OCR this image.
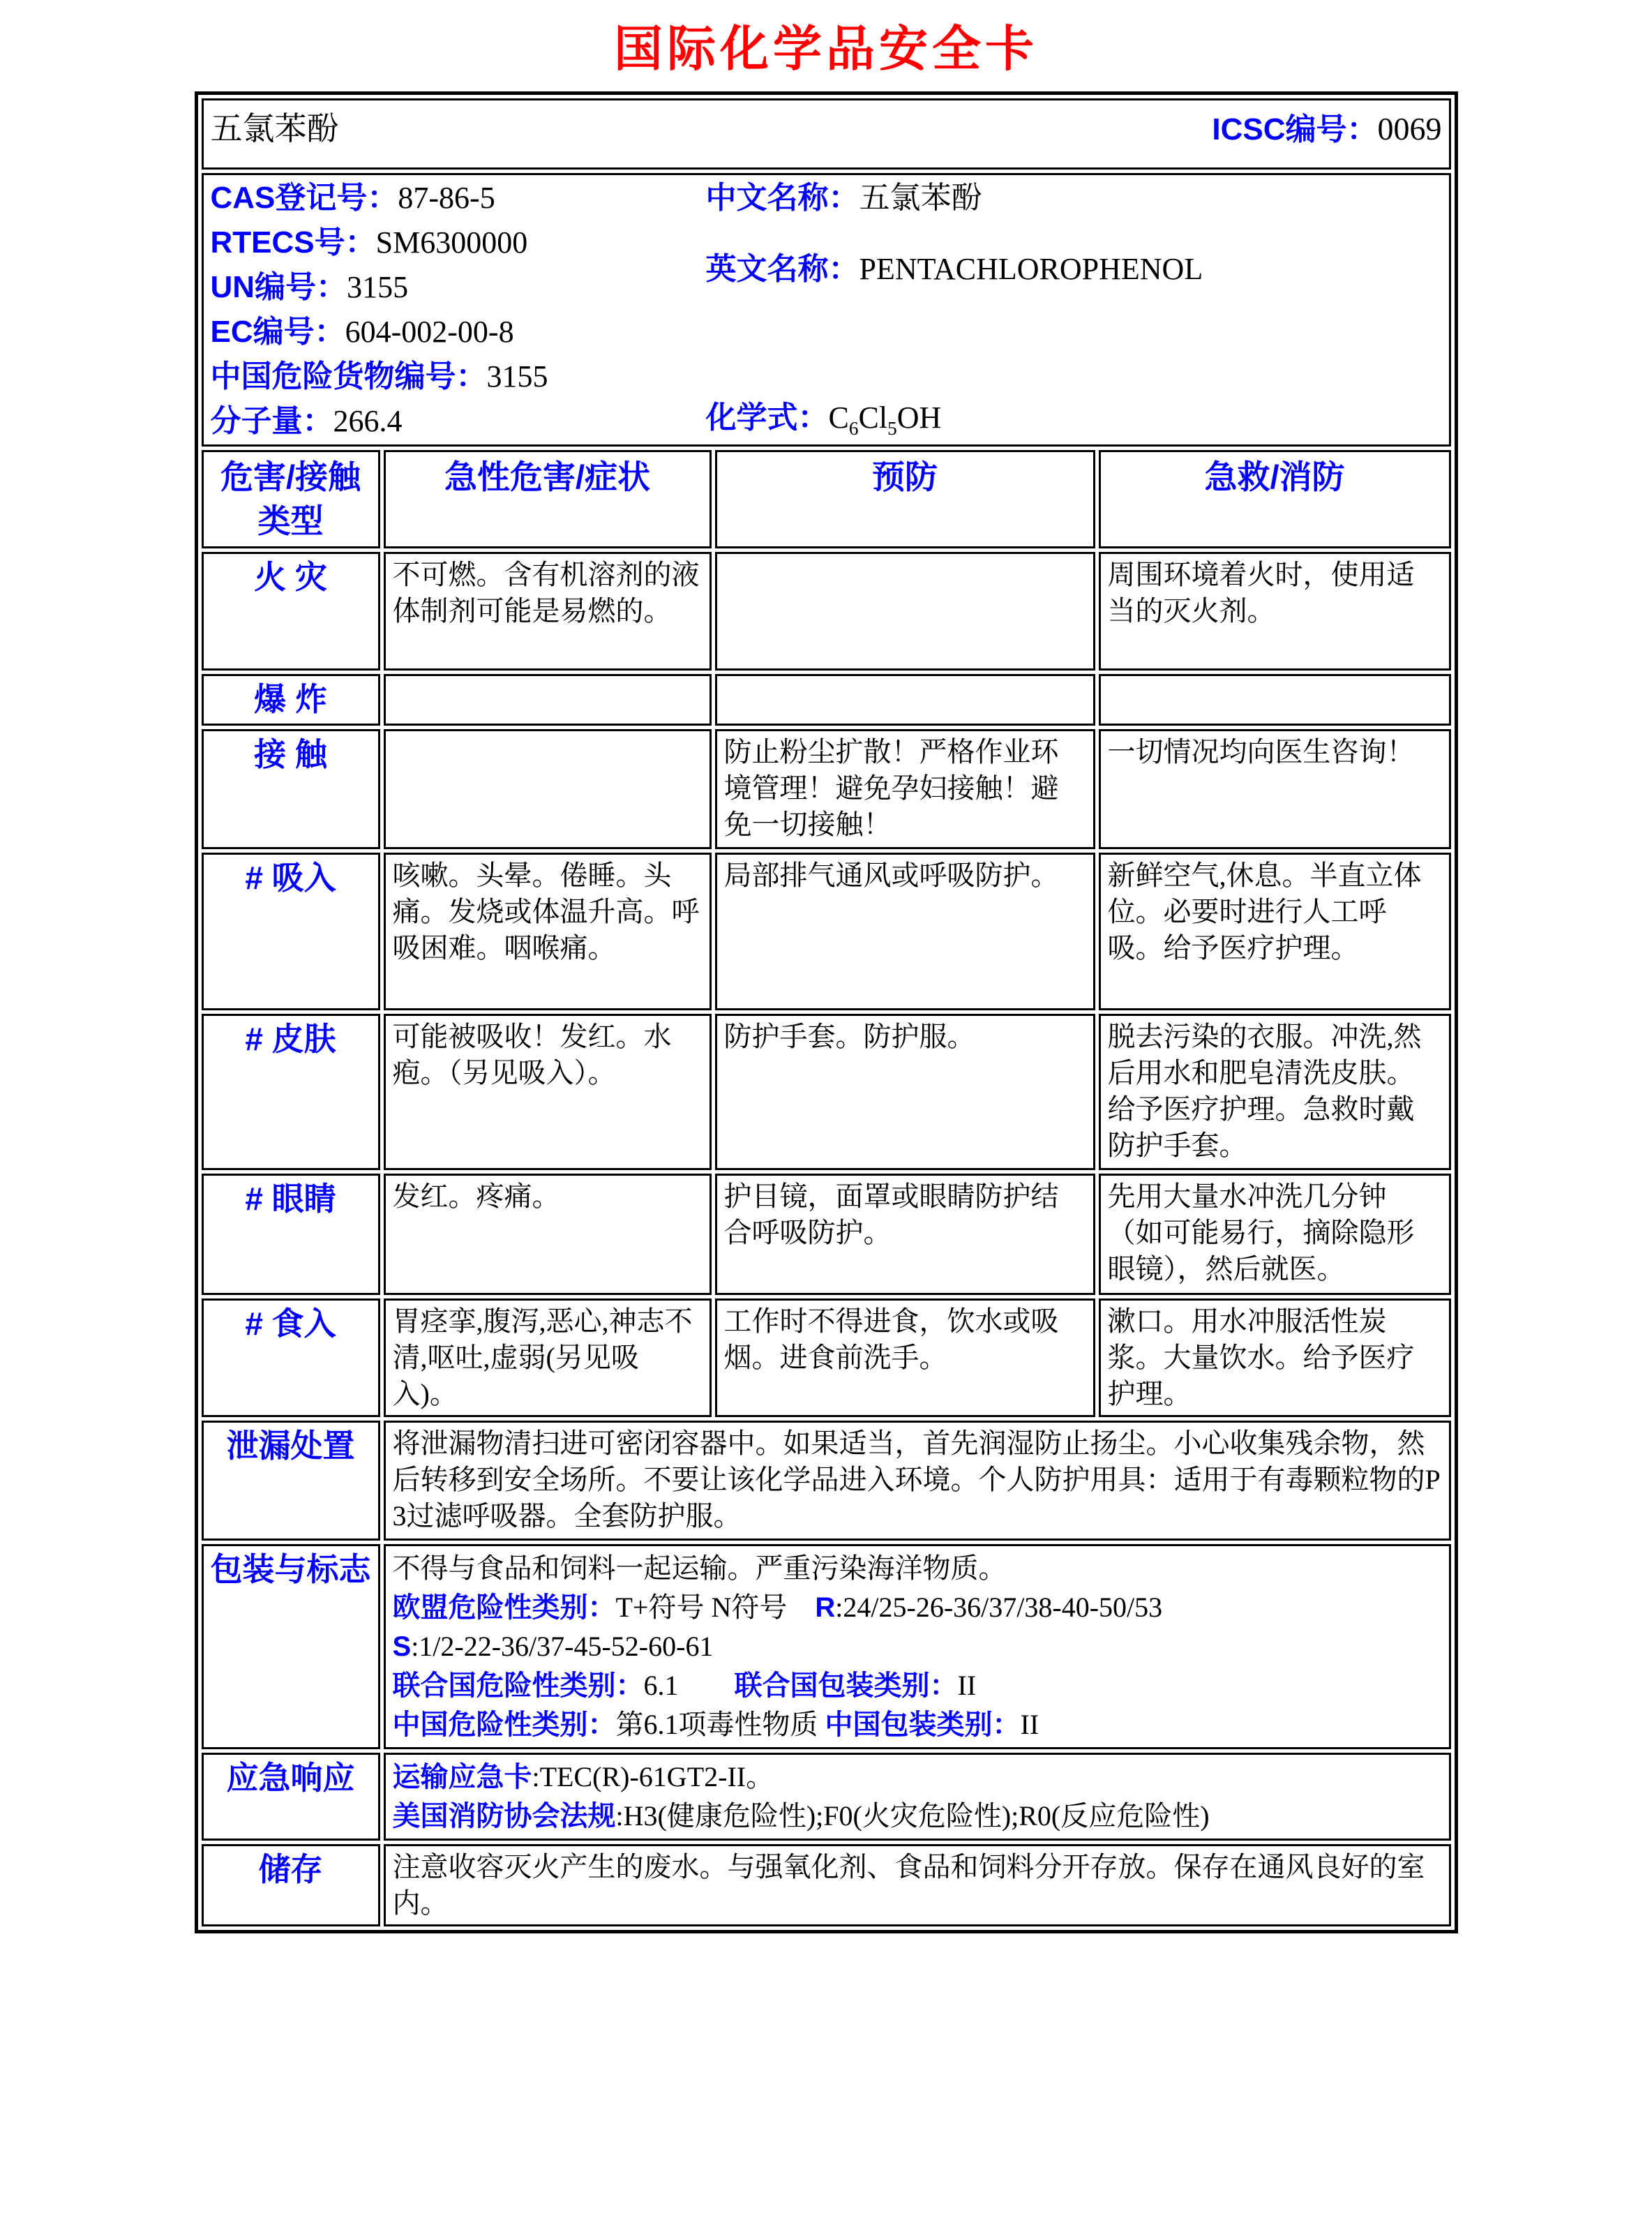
国际化学品安全卡
五氯苯酚 ICSC编号：0069			

CAS登记号：87-86-5
RTECS号：SM6300000
UN编号：3155
EC编号：604-002-00-8
中国危险货物编号：3155
分子量：266.4
中文名称：五氯苯酚
英文名称：PENTACHLOROPHENOL
化学式：$C_6Cl_5OH$

危害/接触类型	急性危害/症状	预防	急救/消防
火 灾	不可燃。含有机溶剂的液体制剂可能是易燃的。		周围环境着火时，使用适当的灭火剂。
爆 炸			
接 触		防止粉尘扩散！严格作业环境管理！避免孕妇接触！避免一切接触！	一切情况均向医生咨询！
# 吸入	咳嗽。头晕。倦睡。头痛。发烧或体温升高。呼吸困难。咽喉痛。	局部排气通风或呼吸防护。	新鲜空气,休息。半直立体位。必要时进行人工呼吸。给予医疗护理。
# 皮肤	可能被吸收！发红。水疱。（另见吸入）。	防护手套。防护服。	脱去污染的衣服。冲洗,然后用水和肥皂清洗皮肤。给予医疗护理。急救时戴防护手套。
# 眼睛	发红。疼痛。	护目镜，面罩或眼睛防护结合呼吸防护。	先用大量水冲洗几分钟（如可能易行，摘除隐形眼镜），然后就医。
# 食入	胃痉挛,腹泻,恶心,神志不清,呕吐,虚弱(另见吸入)。	工作时不得进食，饮水或吸烟。进食前洗手。	漱口。用水冲服活性炭浆。大量饮水。给予医疗护理。
泄漏处置	将泄漏物清扫进可密闭容器中。如果适当，首先润湿防止扬尘。小心收集残余物，然后转移到安全场所。不要让该化学品进入环境。个人防护用具：适用于有毒颗粒物的P3过滤呼吸器。全套防护服。		
包装与标志	不得与食品和饲料一起运输。严重污染海洋物质。
欧盟危险性类别：T+符号 N符号    R:24/25-26-36/37/38-40-50/53
S:1/2-22-36/37-45-52-60-61
联合国危险性类别：6.1        联合国包装类别：II
中国危险性类别：第6.1项毒性物质 中国包装类别：II		

应急响应	运输应急卡:TEC(R)-61GT2-II。
美国消防协会法规:H3(健康危险性);F0(火灾危险性);R0(反应危险性)		

储存	注意收容灭火产生的废水。与强氧化剂、食品和饲料分开存放。保存在通风良好的室内。		
